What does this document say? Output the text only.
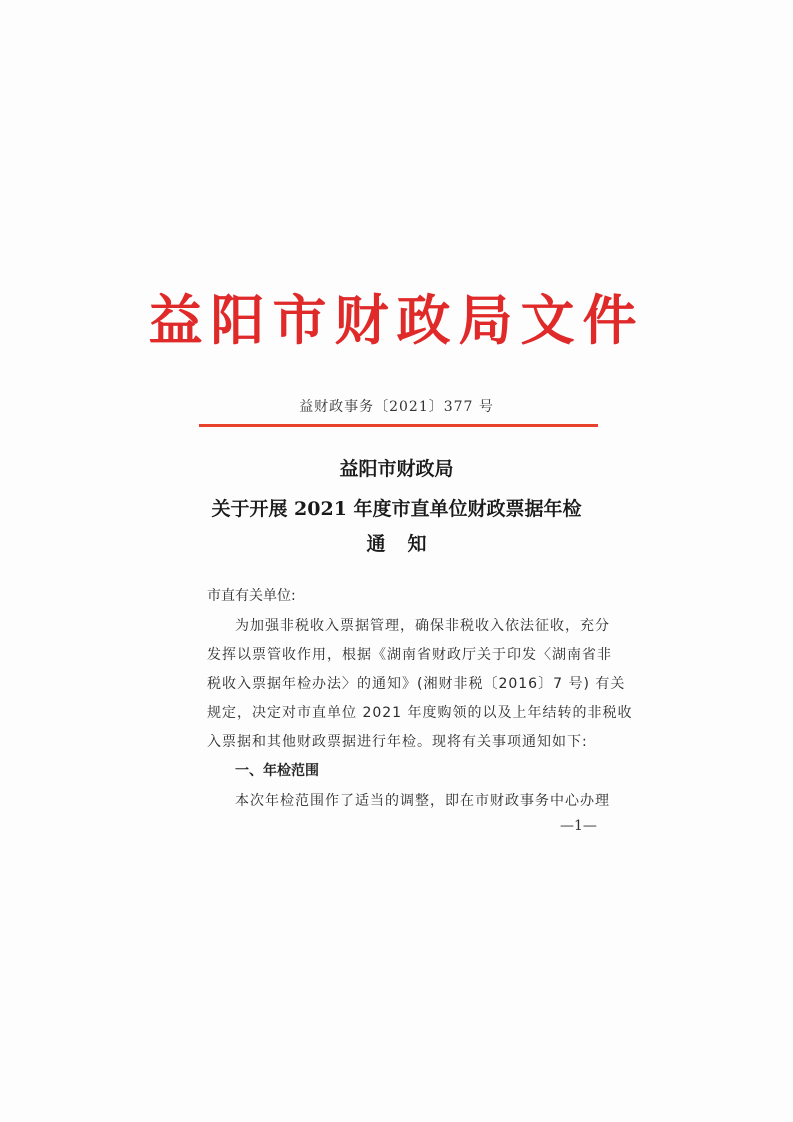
益阳市财政局文件
益财政事务〔2021〕377 号
益阳市财政局
关于开展 2021 年度市直单位财政票据年检
通知
市直有关单位:
为加强非税收入票据管理，确保非税收入依法征收，充分
发挥以票管收作用，根据《湖南省财政厅关于印发〈湖南省非
税收入票据年检办法〉的通知》(湘财非税〔2016〕7 号) 有关
规定，决定对市直单位 2021 年度购领的以及上年结转的非税收
入票据和其他财政票据进行年检。现将有关事项通知如下:
一、年检范围
本次年检范围作了适当的调整，即在市财政事务中心办理
—1—
